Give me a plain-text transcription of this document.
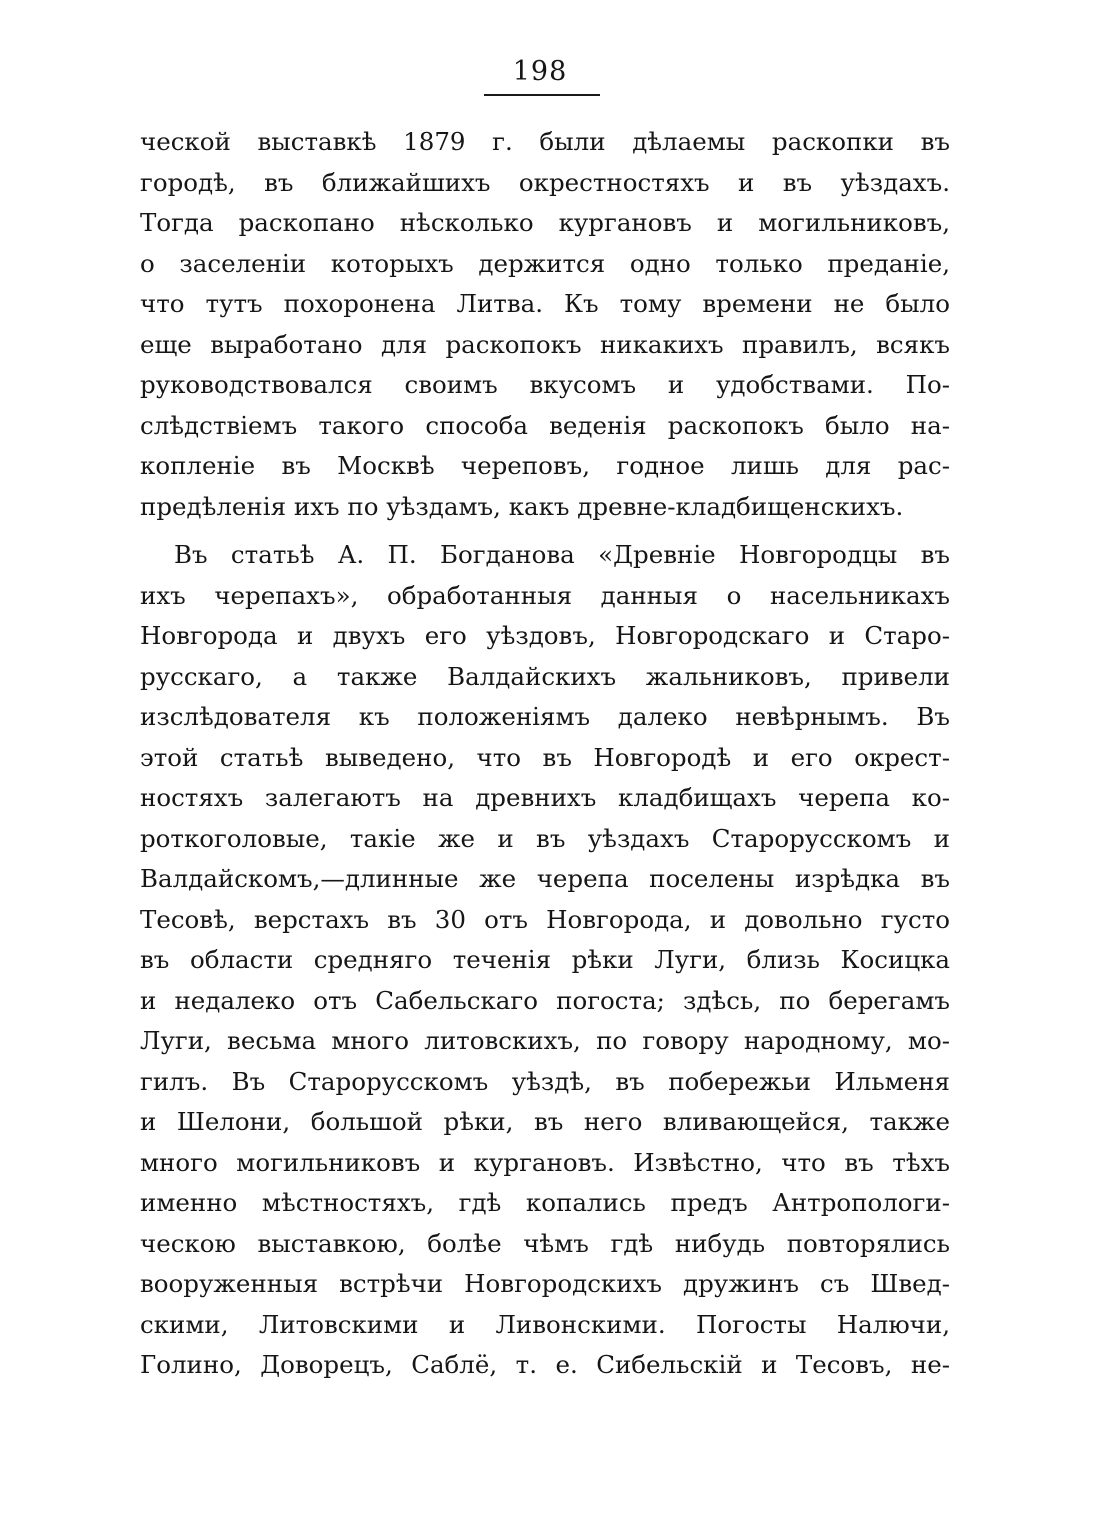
198
ческой выставкѣ 1879 г. были дѣлаемы раскопки въ
городѣ, въ ближайшихъ окрестностяхъ и въ уѣздахъ.
Тогда раскопано нѣсколько кургановъ и могильниковъ,
о заселенiи которыхъ держится одно только преданiе,
что тутъ похоронена Литва. Къ тому времени не было
еще выработано для раскопокъ никакихъ правилъ, всякъ
руководствовался своимъ вкусомъ и удобствами. По-
слѣдствiемъ такого способа веденiя раскопокъ было на-
копленiе въ Москвѣ череповъ, годное лишь для рас-
предѣленiя ихъ по уѣздамъ, какъ древне-кладбищенскихъ.
Въ статьѣ А. П. Богданова «Древнiе Новгородцы въ
ихъ черепахъ», обработанныя данныя о насельникахъ
Новгорода и двухъ его уѣздовъ, Новгородскаго и Старо-
русскаго, а также Валдайскихъ жальниковъ, привели
изслѣдователя къ положенiямъ далеко невѣрнымъ. Въ
этой статьѣ выведено, что въ Новгородѣ и его окрест-
ностяхъ залегаютъ на древнихъ кладбищахъ черепа ко-
роткоголовые, такiе же и въ уѣздахъ Старорусскомъ и
Валдайскомъ,—длинные же черепа поселены изрѣдка въ
Тесовѣ, верстахъ въ 30 отъ Новгорода, и довольно густо
въ области средняго теченiя рѣки Луги, близь Косицка
и недалеко отъ Сабельскаго погоста; здѣсь, по берегамъ
Луги, весьма много литовскихъ, по говору народному, мо-
гилъ. Въ Старорусскомъ уѣздѣ, въ побережьи Ильменя
и Шелони, большой рѣки, въ него вливающейся, также
много могильниковъ и кургановъ. Извѣстно, что въ тѣхъ
именно мѣстностяхъ, гдѣ копались предъ Антропологи-
ческою выставкою, болѣе чѣмъ гдѣ нибудь повторялись
вооруженныя встрѣчи Новгородскихъ дружинъ съ Швед-
скими, Литовскими и Ливонскими. Погосты Налючи,
Голино, Доворецъ, Саблё, т. е. Сибельскiй и Тесовъ, не-
